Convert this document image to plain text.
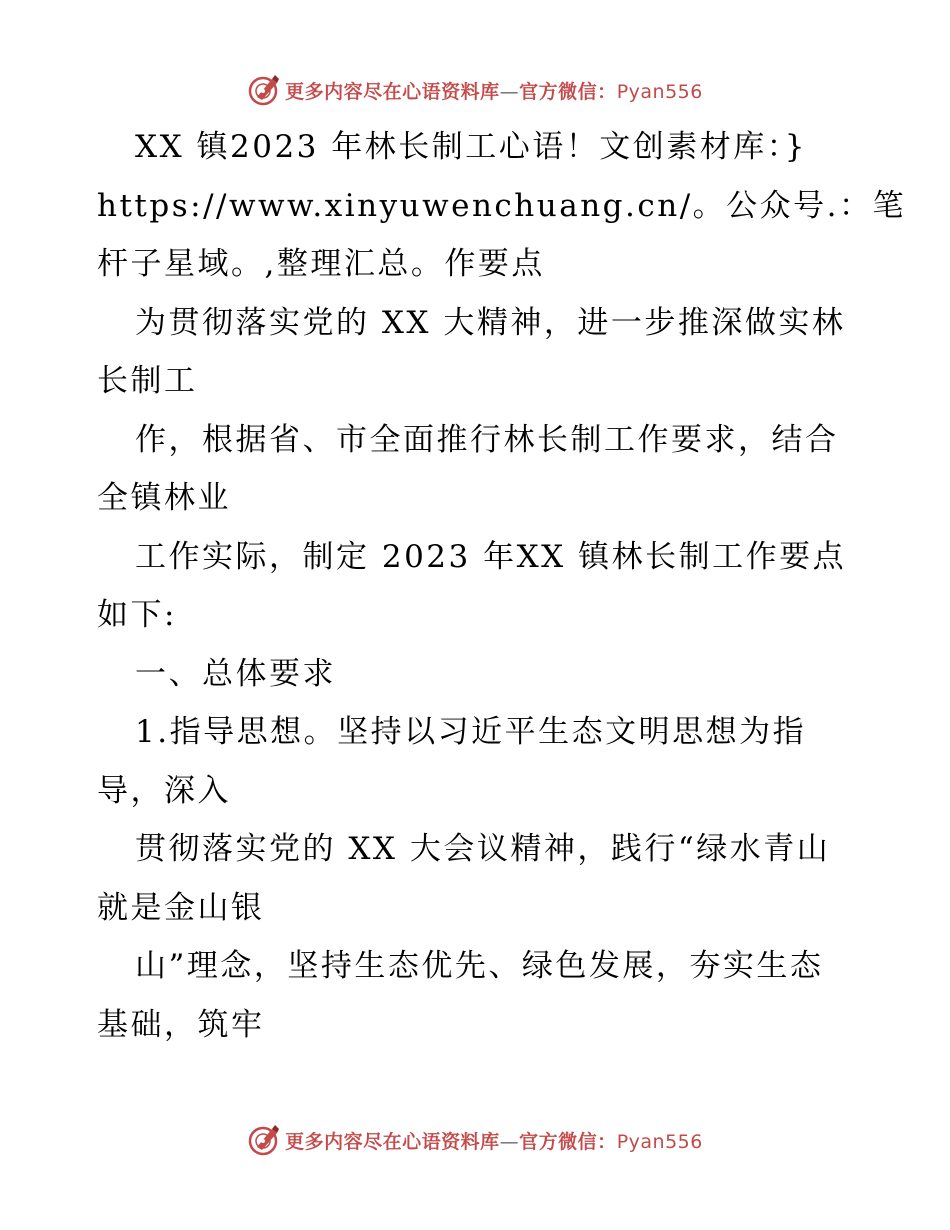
更多内容尽在心语资料库—官方微信：Pyan556
XX 镇2023 年林长制工心语！文创素材库：}
https://www.xinyuwenchuang.cn/。公众号.：笔
杆子星域。,整理汇总。作要点
为贯彻落实党的 XX 大精神，进一步推深做实林
长制工
作，根据省、市全面推行林长制工作要求，结合
全镇林业
工作实际，制定 2023 年XX 镇林长制工作要点
如下:
一、总体要求
1.指导思想。坚持以习近平生态文明思想为指
导，深入
贯彻落实党的 XX 大会议精神，践行“绿水青山
就是金山银
山”理念，坚持生态优先、绿色发展，夯实生态
基础，筑牢
更多内容尽在心语资料库—官方微信：Pyan556
